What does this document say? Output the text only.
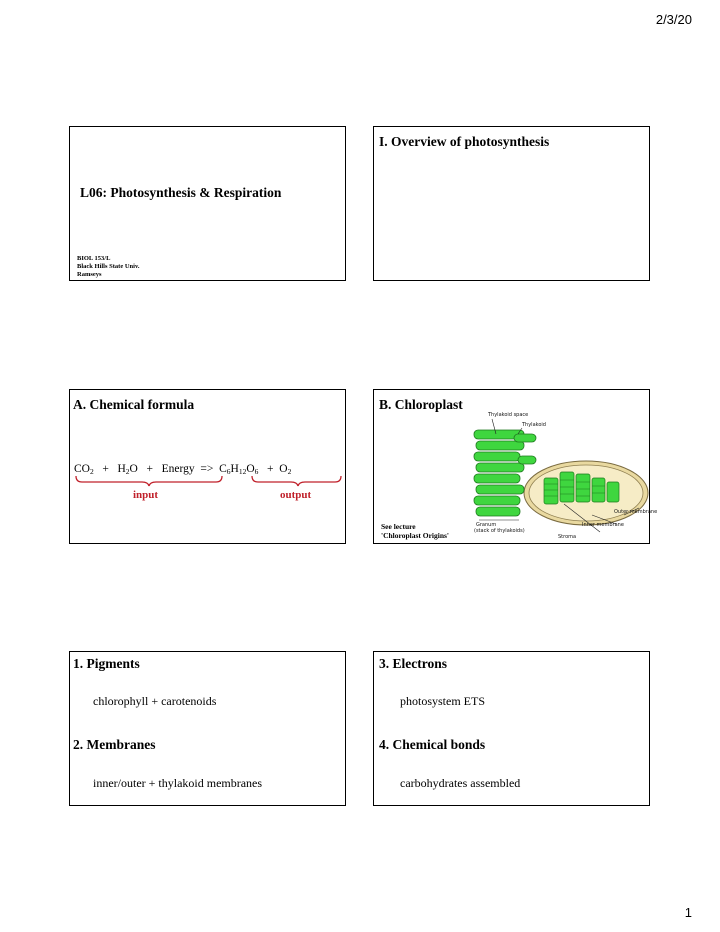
2/3/20
L06: Photosynthesis & Respiration
BIOL 153/L
Black Hills State Univ.
Ramseys
I. Overview of photosynthesis
A. Chemical formula
$CO_2 + H_2O$ + Energy => $C_6H_{12}O_6 + O_2$
input	output
B. Chloroplast
Thylakoid space
Thylakoid
Granum
(stack of thylakoids)
Outer membrane
Inner membrane
Stroma
See lecture
'Chloroplast Origins'
1. Pigments
chlorophyll + carotenoids
2. Membranes
inner/outer + thylakoid membranes
3. Electrons
photosystem ETS
4. Chemical bonds
carbohydrates assembled
1
